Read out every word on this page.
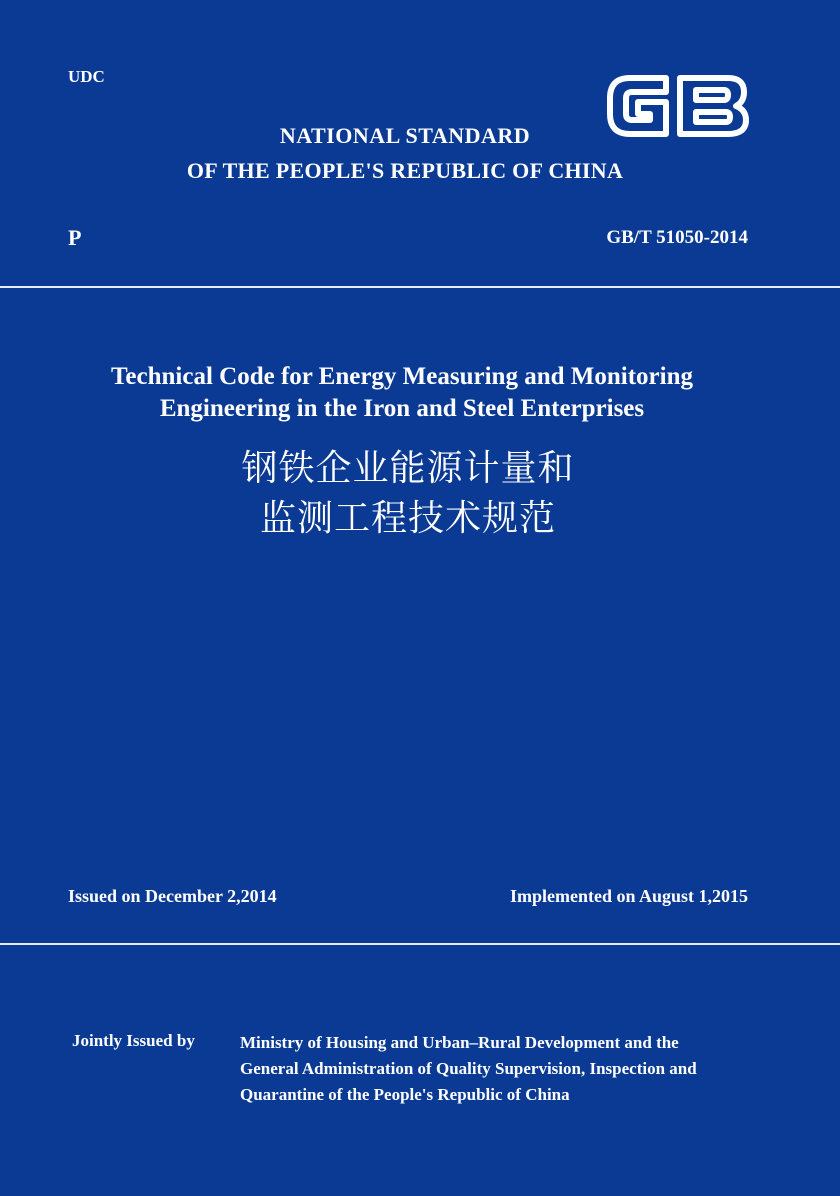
UDC
NATIONAL STANDARD
OF THE PEOPLE'S REPUBLIC OF CHINA
P	GB/T 51050-2014
Technical Code for Energy Measuring and Monitoring
Engineering in the Iron and Steel Enterprises
钢铁企业能源计量和
监测工程技术规范
Issued on December 2,2014	Implemented on August 1,2015
Jointly Issued by	Ministry of Housing and Urban–Rural Development and the
General Administration of Quality Supervision, Inspection and
Quarantine of the People's Republic of China
